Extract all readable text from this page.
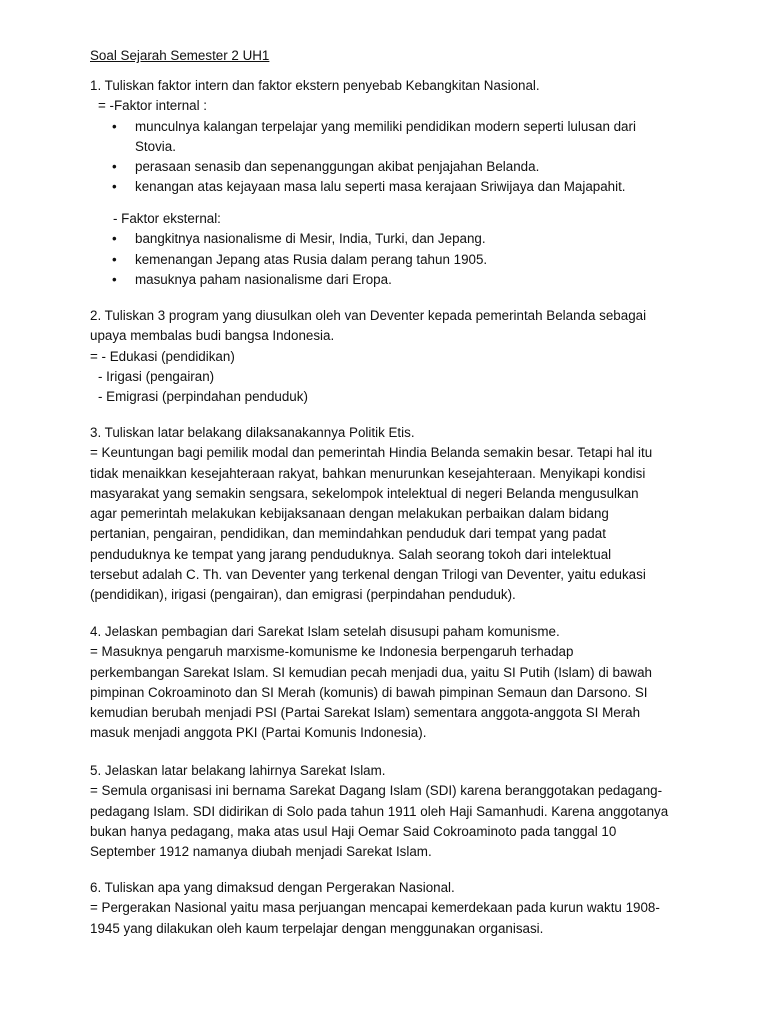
Soal Sejarah Semester 2 UH1
1. Tuliskan faktor intern dan faktor ekstern penyebab Kebangkitan Nasional.
= -Faktor internal :
• munculnya kalangan terpelajar yang memiliki pendidikan modern seperti lulusan dari
Stovia.
• perasaan senasib dan sepenanggungan akibat penjajahan Belanda.
• kenangan atas kejayaan masa lalu seperti masa kerajaan Sriwijaya dan Majapahit.
- Faktor eksternal:
• bangkitnya nasionalisme di Mesir, India, Turki, dan Jepang.
• kemenangan Jepang atas Rusia dalam perang tahun 1905.
• masuknya paham nasionalisme dari Eropa.
2. Tuliskan 3 program yang diusulkan oleh van Deventer kepada pemerintah Belanda sebagai
upaya membalas budi bangsa Indonesia.
= - Edukasi (pendidikan)
- Irigasi (pengairan)
- Emigrasi (perpindahan penduduk)
3. Tuliskan latar belakang dilaksanakannya Politik Etis.
= Keuntungan bagi pemilik modal dan pemerintah Hindia Belanda semakin besar. Tetapi hal itu
tidak menaikkan kesejahteraan rakyat, bahkan menurunkan kesejahteraan. Menyikapi kondisi
masyarakat yang semakin sengsara, sekelompok intelektual di negeri Belanda mengusulkan
agar pemerintah melakukan kebijaksanaan dengan melakukan perbaikan dalam bidang
pertanian, pengairan, pendidikan, dan memindahkan penduduk dari tempat yang padat
penduduknya ke tempat yang jarang penduduknya. Salah seorang tokoh dari intelektual
tersebut adalah C. Th. van Deventer yang terkenal dengan Trilogi van Deventer, yaitu edukasi
(pendidikan), irigasi (pengairan), dan emigrasi (perpindahan penduduk).
4. Jelaskan pembagian dari Sarekat Islam setelah disusupi paham komunisme.
= Masuknya pengaruh marxisme-komunisme ke Indonesia berpengaruh terhadap
perkembangan Sarekat Islam. SI kemudian pecah menjadi dua, yaitu SI Putih (Islam) di bawah
pimpinan Cokroaminoto dan SI Merah (komunis) di bawah pimpinan Semaun dan Darsono. SI
kemudian berubah menjadi PSI (Partai Sarekat Islam) sementara anggota-anggota SI Merah
masuk menjadi anggota PKI (Partai Komunis Indonesia).
5. Jelaskan latar belakang lahirnya Sarekat Islam.
= Semula organisasi ini bernama Sarekat Dagang Islam (SDI) karena beranggotakan pedagang-
pedagang Islam. SDI didirikan di Solo pada tahun 1911 oleh Haji Samanhudi. Karena anggotanya
bukan hanya pedagang, maka atas usul Haji Oemar Said Cokroaminoto pada tanggal 10
September 1912 namanya diubah menjadi Sarekat Islam.
6. Tuliskan apa yang dimaksud dengan Pergerakan Nasional.
= Pergerakan Nasional yaitu masa perjuangan mencapai kemerdekaan pada kurun waktu 1908-
1945 yang dilakukan oleh kaum terpelajar dengan menggunakan organisasi.
